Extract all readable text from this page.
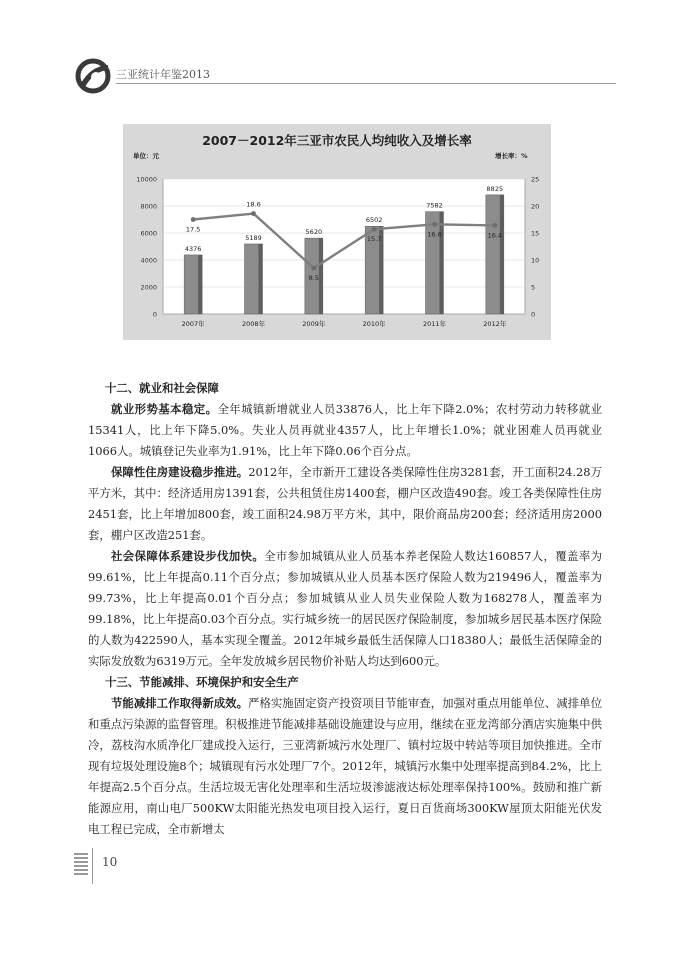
三亚统计年鉴2013
2007－2012年三亚市农民人均纯收入及增长率
单位：元	增长率：%
0
2000
4000
6000
8000
10000
0
5
10
15
20
25
4376
2007年
5189
2008年
5620
2009年
6502
2010年
7582
2011年
8825
2012年
17.5
18.6
8.5
15.7
16.6	16.4

十二、就业和社会保障

就业形势基本稳定。全年城镇新增就业人员33876人，比上年下降2.0%；农村劳动力转移就业15341人，比上年下降5.0%。失业人员再就业4357人，比上年增长1.0%；就业困难人员再就业1066人。城镇登记失业率为1.91%，比上年下降0.06个百分点。

保障性住房建设稳步推进。2012年，全市新开工建设各类保障性住房3281套，开工面积24.28万平方米，其中：经济适用房1391套，公共租赁住房1400套，棚户区改造490套。竣工各类保障性住房2451套，比上年增加800套，竣工面积24.98万平方米，其中，限价商品房200套；经济适用房2000套，棚户区改造251套。

社会保障体系建设步伐加快。全市参加城镇从业人员基本养老保险人数达160857人，覆盖率为99.61%，比上年提高0.11个百分点；参加城镇从业人员基本医疗保险人数为219496人，覆盖率为99.73%，比上年提高0.01个百分点；参加城镇从业人员失业保险人数为168278人，覆盖率为99.18%，比上年提高0.03个百分点。实行城乡统一的居民医疗保险制度，参加城乡居民基本医疗保险的人数为422590人，基本实现全覆盖。2012年城乡最低生活保障人口18380人；最低生活保障金的实际发放数为6319万元。全年发放城乡居民物价补贴人均达到600元。

十三、节能减排、环境保护和安全生产

节能减排工作取得新成效。严格实施固定资产投资项目节能审查，加强对重点用能单位、减排单位和重点污染源的监督管理。积极推进节能减排基础设施建设与应用，继续在亚龙湾部分酒店实施集中供冷，荔枝沟水质净化厂建成投入运行，三亚湾新城污水处理厂、镇村垃圾中转站等项目加快推进。全市现有垃圾处理设施8个；城镇现有污水处理厂7个。2012年，城镇污水集中处理率提高到84.2%，比上年提高2.5个百分点。生活垃圾无害化处理率和生活垃圾渗滤液达标处理率保持100%。鼓励和推广新能源应用，南山电厂500KW太阳能光热发电项目投入运行，夏日百货商场300KW屋顶太阳能光伏发电工程已完成，全市新增太

10
